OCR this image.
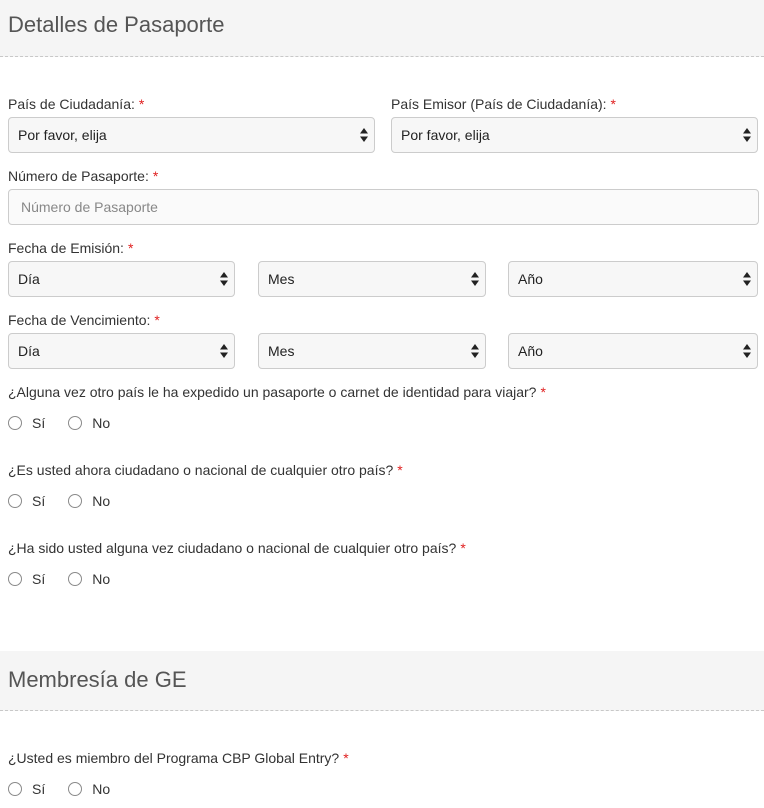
Detalles de Pasaporte
País de Ciudadanía: *
Por favor, elija
País Emisor (País de Ciudadanía): *
Por favor, elija
Número de Pasaporte: *
Número de Pasaporte
Fecha de Emisión: *
Día	Mes	Año
Fecha de Vencimiento: *
Día	Mes	Año
¿Alguna vez otro país le ha expedido un pasaporte o carnet de identidad para viajar? *
Sí	No
¿Es usted ahora ciudadano o nacional de cualquier otro país? *
Sí	No
¿Ha sido usted alguna vez ciudadano o nacional de cualquier otro país? *
Sí	No
Membresía de GE
¿Usted es miembro del Programa CBP Global Entry? *
Sí	No
